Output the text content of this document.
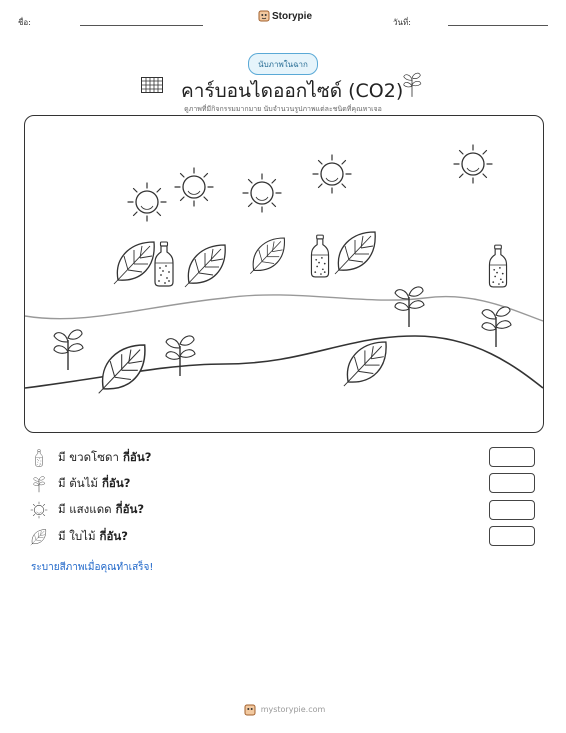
ชื่อ:
Storypie
วันที่:
นับภาพในฉาก
คาร์บอนไดออกไซด์ (CO2)
ดูภาพที่มีกิจกรรมมากมาย นับจำนวนรูปภาพแต่ละชนิดที่คุณหาเจอ
มี ขวดโซดา กี่อัน?
มี ต้นไม้ กี่อัน?
มี แสงแดด กี่อัน?
มี ใบไม้ กี่อัน?
ระบายสีภาพเมื่อคุณทำเสร็จ!
mystorypie.com
